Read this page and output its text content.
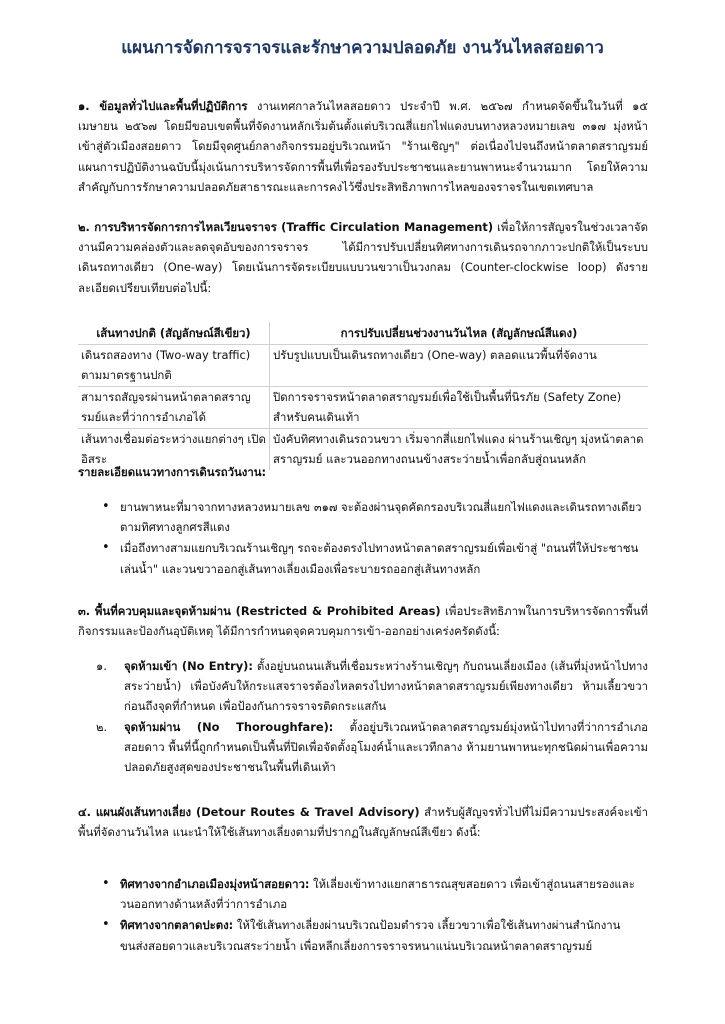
แผนการจัดการจราจรและรักษาความปลอดภัย งานวันไหลสอยดาว

๑. ข้อมูลทั่วไปและพื้นที่ปฏิบัติการ งานเทศกาลวันไหลสอยดาว ประจำปี พ.ศ. ๒๕๖๗ กำหนดจัดขึ้นในวันที่ ๑๕ เมษายน ๒๕๖๗ โดยมีขอบเขตพื้นที่จัดงานหลักเริ่มต้นตั้งแต่บริเวณสี่แยกไฟแดงบนทางหลวงหมายเลข ๓๑๗ มุ่งหน้าเข้าสู่ตัวเมืองสอยดาว โดยมีจุดศูนย์กลางกิจกรรมอยู่บริเวณหน้า "ร้านเชิญๆ" ต่อเนื่องไปจนถึงหน้าตลาดสราญรมย์ แผนการปฏิบัติงานฉบับนี้มุ่งเน้นการบริหารจัดการพื้นที่เพื่อรองรับประชาชนและยานพาหนะจำนวนมาก โดยให้ความสำคัญกับการรักษาความปลอดภัยสาธารณะและการคงไว้ซึ่งประสิทธิภาพการไหลของจราจรในเขตเทศบาล

๒. การบริหารจัดการการไหลเวียนจราจร (Traffic Circulation Management) เพื่อให้การสัญจรในช่วงเวลาจัดงานมีความคล่องตัวและลดจุดอับของการจราจร ได้มีการปรับเปลี่ยนทิศทางการเดินรถจากภาวะปกติให้เป็นระบบเดินรถทางเดียว (One-way) โดยเน้นการจัดระเบียบแบบวนขวาเป็นวงกลม (Counter-clockwise loop) ดังรายละเอียดเปรียบเทียบต่อไปนี้:

เส้นทางปกติ (สัญลักษณ์สีเขียว)	การปรับเปลี่ยนช่วงงานวันไหล (สัญลักษณ์สีแดง)
เดินรถสองทาง (Two-way traffic) ตามมาตรฐานปกติ	ปรับรูปแบบเป็นเดินรถทางเดียว (One-way) ตลอดแนวพื้นที่จัดงาน
สามารถสัญจรผ่านหน้าตลาดสราญรมย์และที่ว่าการอำเภอได้	ปิดการจราจรหน้าตลาดสราญรมย์เพื่อใช้เป็นพื้นที่นิรภัย (Safety Zone) สำหรับคนเดินเท้า
เส้นทางเชื่อมต่อระหว่างแยกต่างๆ เปิดอิสระ	บังคับทิศทางเดินรถวนขวา เริ่มจากสี่แยกไฟแดง ผ่านร้านเชิญๆ มุ่งหน้าตลาดสราญรมย์ และวนออกทางถนนข้างสระว่ายน้ำเพื่อกลับสู่ถนนหลัก
รายละเอียดแนวทางการเดินรถวันงาน:
• ยานพาหนะที่มาจากทางหลวงหมายเลข ๓๑๗ จะต้องผ่านจุดคัดกรองบริเวณสี่แยกไฟแดงและเดินรถทางเดียวตามทิศทางลูกศรสีแดง
• เมื่อถึงทางสามแยกบริเวณร้านเชิญๆ รถจะต้องตรงไปทางหน้าตลาดสราญรมย์เพื่อเข้าสู่ "ถนนที่ให้ประชาชนเล่นน้ำ" และวนขวาออกสู่เส้นทางเลี่ยงเมืองเพื่อระบายรถออกสู่เส้นทางหลัก

๓. พื้นที่ควบคุมและจุดห้ามผ่าน (Restricted & Prohibited Areas) เพื่อประสิทธิภาพในการบริหารจัดการพื้นที่กิจกรรมและป้องกันอุบัติเหตุ ได้มีการกำหนดจุดควบคุมการเข้า-ออกอย่างเคร่งครัดดังนี้:

๑. จุดห้ามเข้า (No Entry): ตั้งอยู่บนถนนเส้นที่เชื่อมระหว่างร้านเชิญๆ กับถนนเลี่ยงเมือง (เส้นที่มุ่งหน้าไปทางสระว่ายน้ำ) เพื่อบังคับให้กระแสจราจรต้องไหลตรงไปทางหน้าตลาดสราญรมย์เพียงทางเดียว ห้ามเลี้ยวขวาก่อนถึงจุดที่กำหนด เพื่อป้องกันการจราจรติดกระแสกัน
๒. จุดห้ามผ่าน (No Thoroughfare): ตั้งอยู่บริเวณหน้าตลาดสราญรมย์มุ่งหน้าไปทางที่ว่าการอำเภอสอยดาว พื้นที่นี้ถูกกำหนดเป็นพื้นที่ปิดเพื่อจัดตั้งอุโมงค์น้ำและเวทีกลาง ห้ามยานพาหนะทุกชนิดผ่านเพื่อความปลอดภัยสูงสุดของประชาชนในพื้นที่เดินเท้า

๔. แผนผังเส้นทางเลี่ยง (Detour Routes & Travel Advisory) สำหรับผู้สัญจรทั่วไปที่ไม่มีความประสงค์จะเข้าพื้นที่จัดงานวันไหล แนะนำให้ใช้เส้นทางเลี่ยงตามที่ปรากฏในสัญลักษณ์สีเขียว ดังนี้:

• ทิศทางจากอำเภอเมืองมุ่งหน้าสอยดาว: ให้เลี่ยงเข้าทางแยกสาธารณสุขสอยดาว เพื่อเข้าสู่ถนนสายรองและวนออกทางด้านหลังที่ว่าการอำเภอ
• ทิศทางจากตลาดปะตง: ให้ใช้เส้นทางเลี่ยงผ่านบริเวณป้อมตำรวจ เลี้ยวขวาเพื่อใช้เส้นทางผ่านสำนักงานขนส่งสอยดาวและบริเวณสระว่ายน้ำ เพื่อหลีกเลี่ยงการจราจรหนาแน่นบริเวณหน้าตลาดสราญรมย์
